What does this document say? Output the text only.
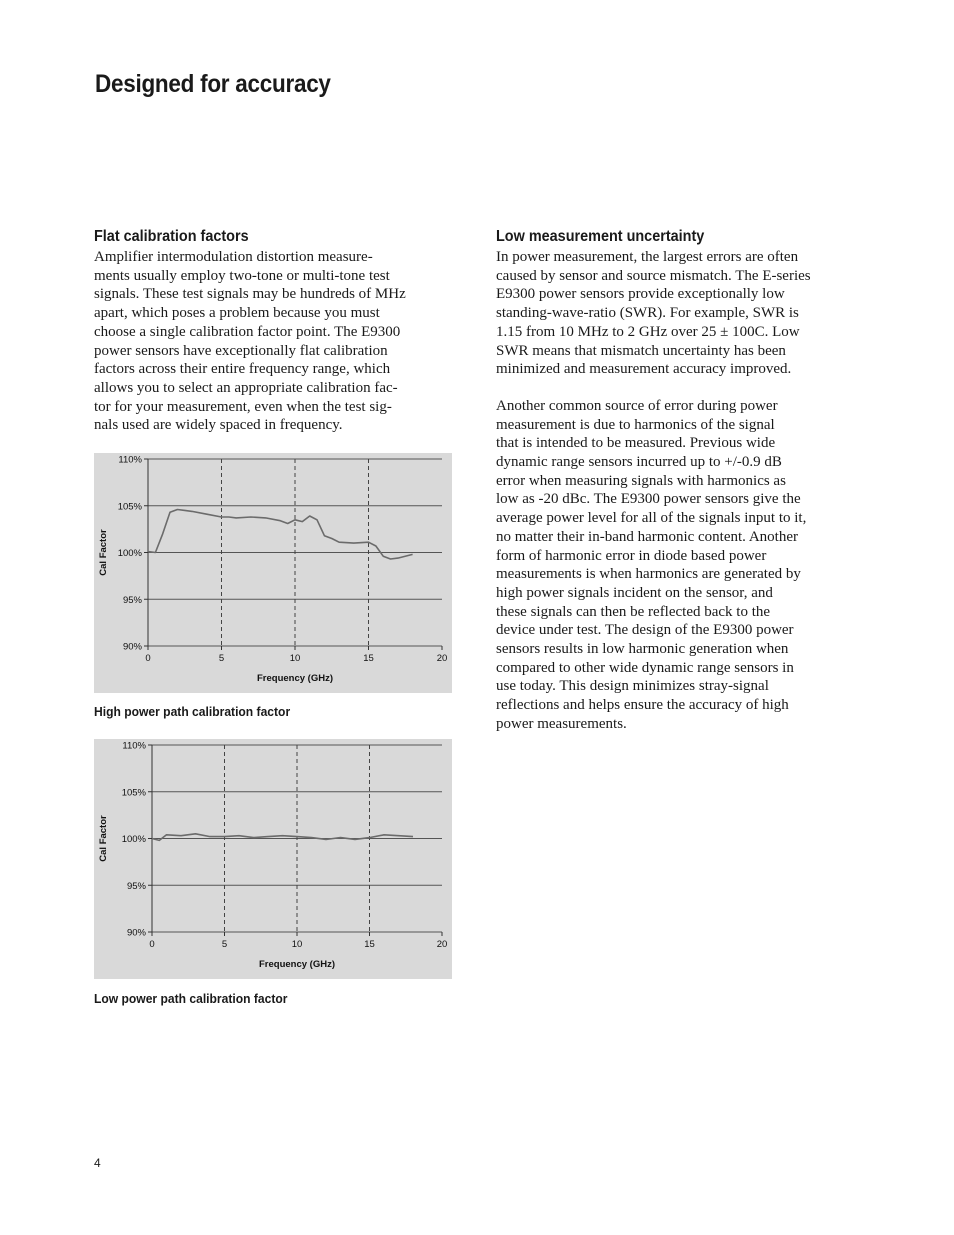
Designed for accuracy
Flat calibration factors

Amplifier intermodulation distortion measure-
ments usually employ two-tone or multi-tone test
signals. These test signals may be hundreds of MHz
apart, which poses a problem because you must
choose a single calibration factor point. The E9300
power sensors have exceptionally flat calibration
factors across their entire frequency range, which
allows you to select an appropriate calibration fac-
tor for your measurement, even when the test sig-
nals used are widely spaced in frequency.

Low measurement uncertainty

In power measurement, the largest errors are often
caused by sensor and source mismatch. The E-series
E9300 power sensors provide exceptionally low
standing-wave-ratio (SWR). For example, SWR is
1.15 from 10 MHz to 2 GHz over 25 ± 100C. Low
SWR means that mismatch uncertainty has been
minimized and measurement accuracy improved.

Another common source of error during power
measurement is due to harmonics of the signal
that is intended to be measured. Previous wide
dynamic range sensors incurred up to +/-0.9 dB
error when measuring signals with harmonics as
low as -20 dBc. The E9300 power sensors give the
average power level for all of the signals input to it,
no matter their in-band harmonic content. Another
form of harmonic error in diode based power
measurements is when harmonics are generated by
high power signals incident on the sensor, and
these signals can then be reflected back to the
device under test. The design of the E9300 power
sensors results in low harmonic generation when
compared to other wide dynamic range sensors in
use today. This design minimizes stray-signal
reflections and helps ensure the accuracy of high
power measurements.

90%
95%
100%
105%
110%
0	5	10	15	20
Frequency (GHz)
Cal Factor

High power path calibration factor

90%
95%
100%
105%
110%
0	5	10	15	20
Frequency (GHz)
Cal Factor

Low power path calibration factor

4
